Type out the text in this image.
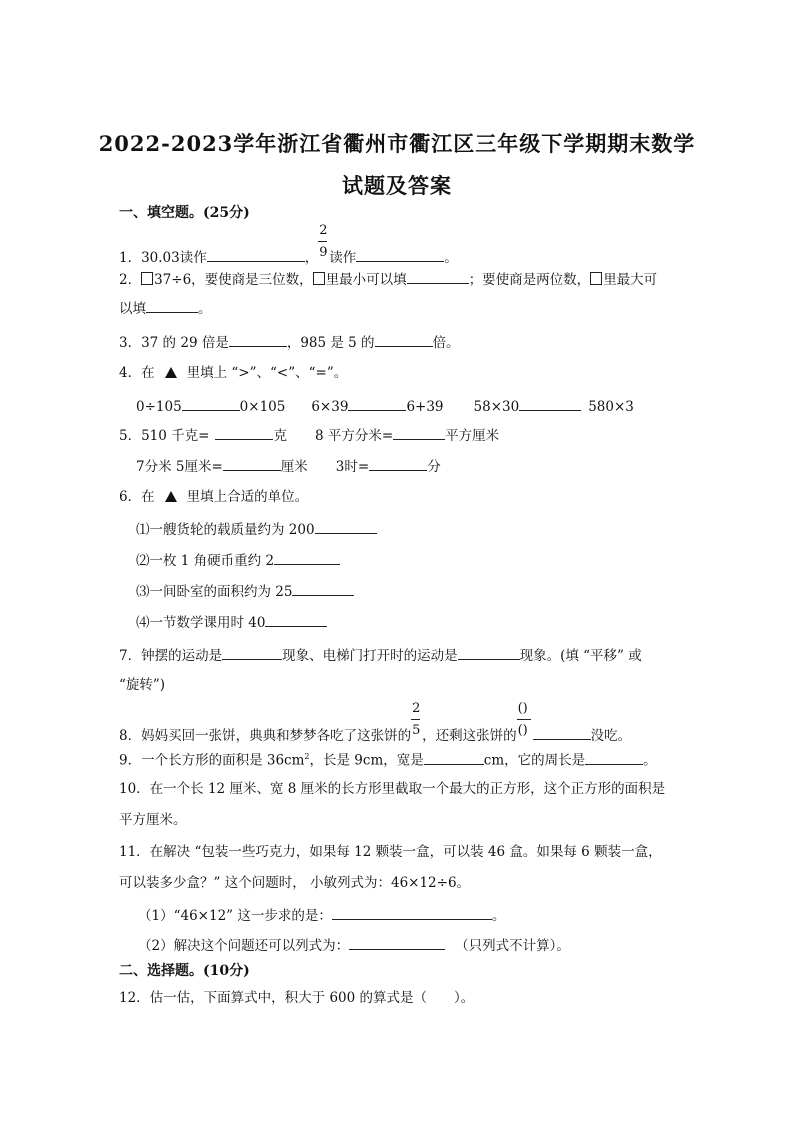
2022-2023学年浙江省衢州市衢江区三年级下学期期末数学
试题及答案
一、填空题。(25分)
1．30.03读作	， $\frac{2}{9}$ 读作	。
2． 37÷6，要使商是三位数， 里最小可以填	；要使商是两位数， 里最大可
以填	。
3．37 的 29 倍是	，985 是 5 的	倍。
4．在 里填上 “>”、“<”、“=”。
0÷105	0×105 6×39	6+39 58×30	580×3
5．510 千克=	克 8 平方分米=	平方厘米
7分米 5厘米=	厘米 3时=	分
6．在 里填上合适的单位。
⑴一艘货轮的载质量约为 200
⑵一枚 1 角硬币重约 2
⑶一间卧室的面积约为 25
⑷一节数学课用时 40
7．钟摆的运动是	现象、电梯门打开时的运动是	现象。(填 “平移” 或
“旋转”)
8．妈妈买回一张饼，典典和梦梦各吃了这张饼的 $\frac{2}{5}$ ，还剩这张饼的 $\frac{()}{()}$	没吃。
9．一个长方形的面积是 $36cm^2$，长是 9cm，宽是	cm，它的周长是	。
10．在一个长 12 厘米、宽 8 厘米的长方形里截取一个最大的正方形，这个正方形的面积是
平方厘米。
11．在解决 “包装一些巧克力，如果每 12 颗装一盒，可以装 46 盒。如果每 6 颗装一盒，
可以装多少盒？” 这个问题时， 小敏列式为：46×12÷6。
（1）“46×12” 这一步求的是：	。
（2）解决这个问题还可以列式为：	（只列式不计算）。
二、选择题。(10分)
12．估一估，下面算式中，积大于 600 的算式是（　　）。
